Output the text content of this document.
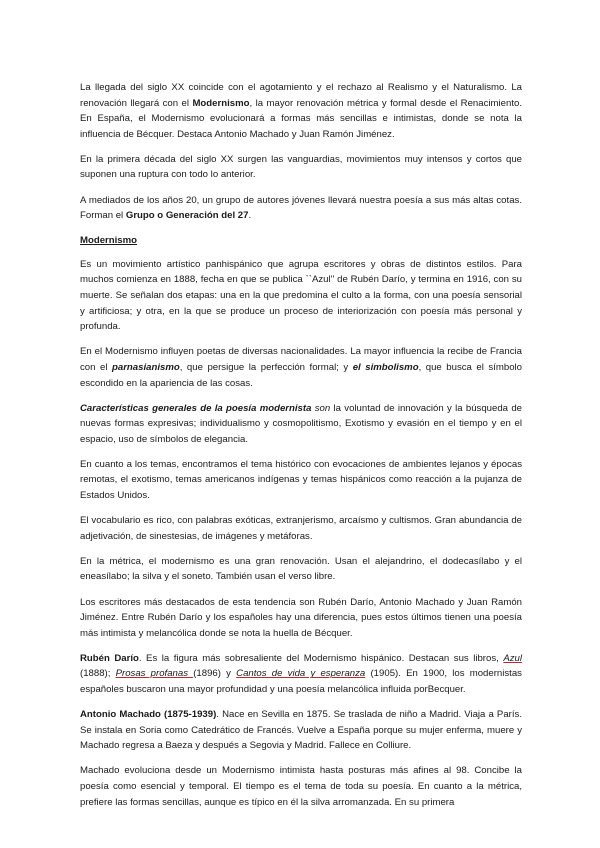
La llegada del siglo XX coincide con el agotamiento y el rechazo al Realismo y el Naturalismo. La renovación llegará con el Modernismo, la mayor renovación métrica y formal desde el Renacimiento. En España, el Modernismo evolucionará a formas más sencillas e intimistas, donde se nota la influencia de Bécquer. Destaca Antonio Machado y Juan Ramón Jiménez.

En la primera década del siglo XX surgen las vanguardias, movimientos muy intensos y cortos que suponen una ruptura con todo lo anterior.

A mediados de los años 20, un grupo de autores jóvenes llevará nuestra poesía a sus más altas cotas. Forman el Grupo o Generación del 27.

Modernismo

Es un movimiento artístico panhispánico que agrupa escritores y obras de distintos estilos. Para muchos comienza en 1888, fecha en que se publica ``Azul'' de Rubén Darío, y termina en 1916, con su muerte. Se señalan dos etapas: una en la que predomina el culto a la forma, con una poesía sensorial y artificiosa; y otra, en la que se produce un proceso de interiorización con poesía más personal y profunda.

En el Modernismo influyen poetas de diversas nacionalidades. La mayor influencia la recibe de Francia con el parnasianismo, que persigue la perfección formal; y el simbolismo, que busca el símbolo escondido en la apariencia de las cosas.

Características generales de la poesía modernista son la voluntad de innovación y la búsqueda de nuevas formas expresivas; individualismo y cosmopolitismo, Exotismo y evasión en el tiempo y en el espacio, uso de símbolos de elegancia.

En cuanto a los temas, encontramos el tema histórico con evocaciones de ambientes lejanos y épocas remotas, el exotismo, temas americanos indígenas y temas hispánicos como reacción a la pujanza de Estados Unidos.

El vocabulario es rico, con palabras exóticas, extranjerismo, arcaísmo y cultismos. Gran abundancia de adjetivación, de sinestesias, de imágenes y metáforas.

En la métrica, el modernismo es una gran renovación. Usan el alejandrino, el dodecasílabo y el eneasílabo; la silva y el soneto. También usan el verso libre.

Los escritores más destacados de esta tendencia son Rubén Darío, Antonio Machado y Juan Ramón Jiménez. Entre Rubén Darío y los españoles hay una diferencia, pues estos últimos tienen una poesía más intimista y melancólica donde se nota la huella de Bécquer.

Rubén Darío. Es la figura más sobresaliente del Modernismo hispánico. Destacan sus libros, Azul (1888); Prosas profanas (1896) y Cantos de vida y esperanza (1905). En 1900, los modernistas españoles buscaron una mayor profundidad y una poesía melancólica influida porBecquer.

Antonio Machado (1875-1939). Nace en Sevilla en 1875. Se traslada de niño a Madrid. Viaja a París. Se instala en Soria como Catedrático de Francés. Vuelve a España porque su mujer enferma, muere y Machado regresa a Baeza y después a Segovia y Madrid. Fallece en Colliure.

Machado evoluciona desde un Modernismo intimista hasta posturas más afines al 98. Concibe la poesía como esencial y temporal. El tiempo es el tema de toda su poesía. En cuanto a la métrica, prefiere las formas sencillas, aunque es típico en él la silva arromanzada. En su primera
